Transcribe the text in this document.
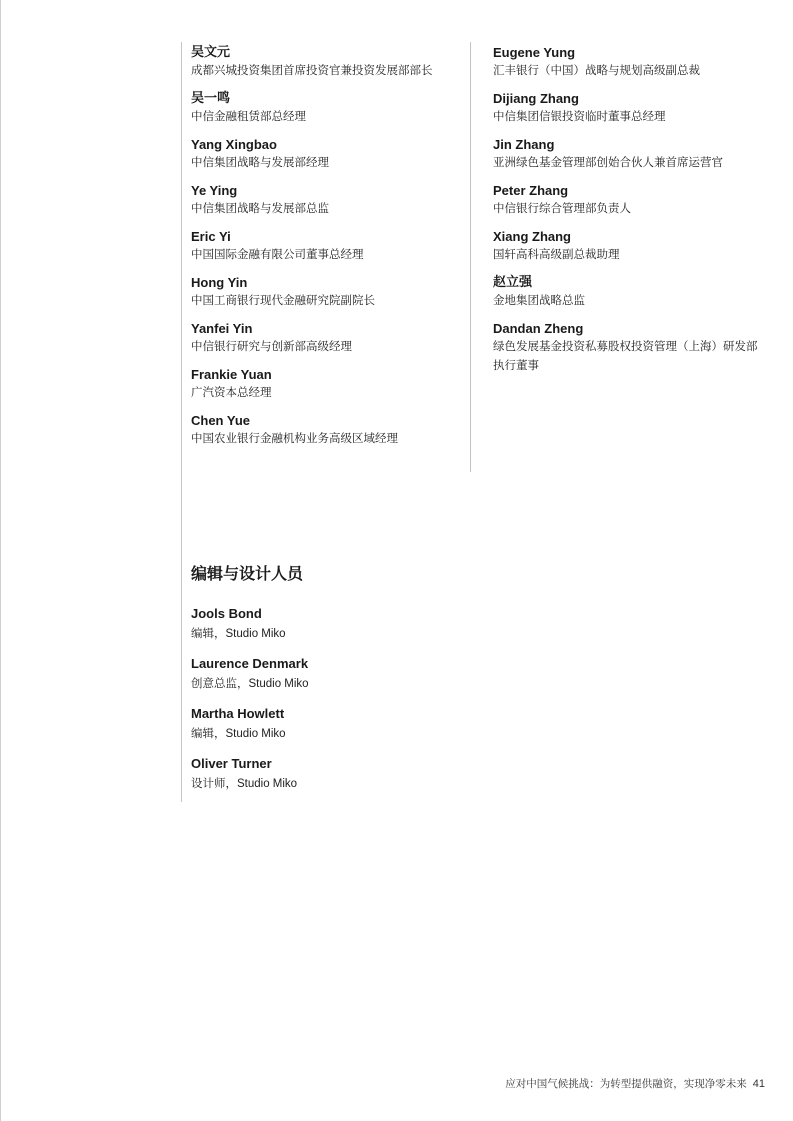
吴文元
成都兴城投资集团首席投资官兼投资发展部部长
吴一鸣
中信金融租赁部总经理
Yang Xingbao
中信集团战略与发展部经理
Ye Ying
中信集团战略与发展部总监
Eric Yi
中国国际金融有限公司董事总经理
Hong Yin
中国工商银行现代金融研究院副院长
Yanfei Yin
中信银行研究与创新部高级经理
Frankie Yuan
广汽资本总经理
Chen Yue
中国农业银行金融机构业务高级区域经理
Eugene Yung
汇丰银行（中国）战略与规划高级副总裁
Dijiang Zhang
中信集团信银投资临时董事总经理
Jin Zhang
亚洲绿色基金管理部创始合伙人兼首席运营官
Peter Zhang
中信银行综合管理部负责人
Xiang Zhang
国轩高科高级副总裁助理
赵立强
金地集团战略总监
Dandan Zheng
绿色发展基金投资私募股权投资管理（上海）研发部执行董事
编辑与设计人员
Jools Bond
编辑，Studio Miko
Laurence Denmark
创意总监，Studio Miko
Martha Howlett
编辑，Studio Miko
Oliver Turner
设计师，Studio Miko
应对中国气候挑战：为转型提供融资，实现净零未来 41
